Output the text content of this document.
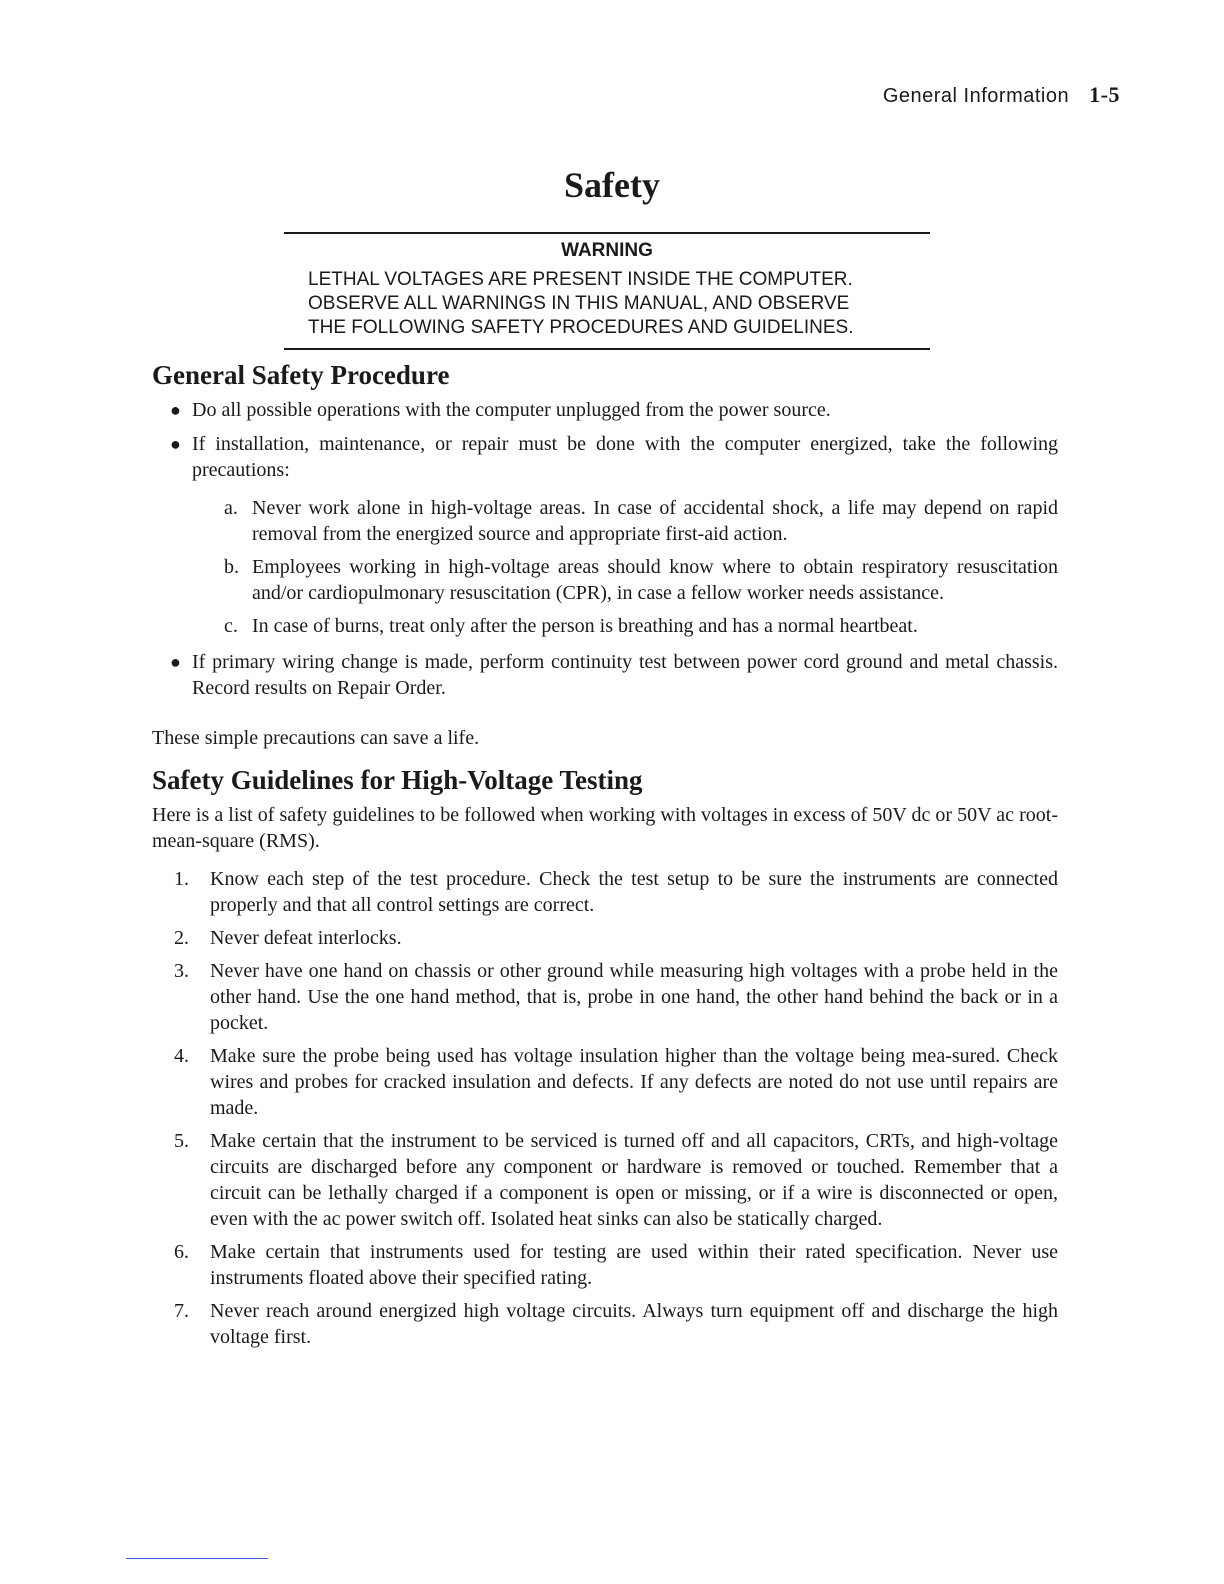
General Information 1-5
Safety

WARNING

LETHAL VOLTAGES ARE PRESENT INSIDE THE COMPUTER.

OBSERVE ALL WARNINGS IN THIS MANUAL, AND OBSERVE

THE FOLLOWING SAFETY PROCEDURES AND GUIDELINES.

General Safety Procedure
● Do all possible operations with the computer unplugged from the power source.
● If installation, maintenance, or repair must be done with the computer energized, take the following precautions:
a. Never work alone in high-voltage areas. In case of accidental shock, a life may depend on rapid removal from the energized source and appropriate first-aid action.
b. Employees working in high-voltage areas should know where to obtain respiratory resuscitation and/or cardiopulmonary resuscitation (CPR), in case a fellow worker needs assistance.
c. In case of burns, treat only after the person is breathing and has a normal heartbeat.
● If primary wiring change is made, perform continuity test between power cord ground and metal chassis. Record results on Repair Order.

These simple precautions can save a life.

Safety Guidelines for High-Voltage Testing

Here is a list of safety guidelines to be followed when working with voltages in excess of 50V dc or 50V ac root-mean-square (RMS).

1. Know each step of the test procedure. Check the test setup to be sure the instruments are connected properly and that all control settings are correct.
2. Never defeat interlocks.
3. Never have one hand on chassis or other ground while measuring high voltages with a probe held in the other hand. Use the one hand method, that is, probe in one hand, the other hand behind the back or in a pocket.
4. Make sure the probe being used has voltage insulation higher than the voltage being mea-sured. Check wires and probes for cracked insulation and defects. If any defects are noted do not use until repairs are made.
5. Make certain that the instrument to be serviced is turned off and all capacitors, CRTs, and high-voltage circuits are discharged before any component or hardware is removed or touched. Remember that a circuit can be lethally charged if a component is open or missing, or if a wire is disconnected or open, even with the ac power switch off. Isolated heat sinks can also be statically charged.
6. Make certain that instruments used for testing are used within their rated specification. Never use instruments floated above their specified rating.
7. Never reach around energized high voltage circuits. Always turn equipment off and discharge the high voltage first.
